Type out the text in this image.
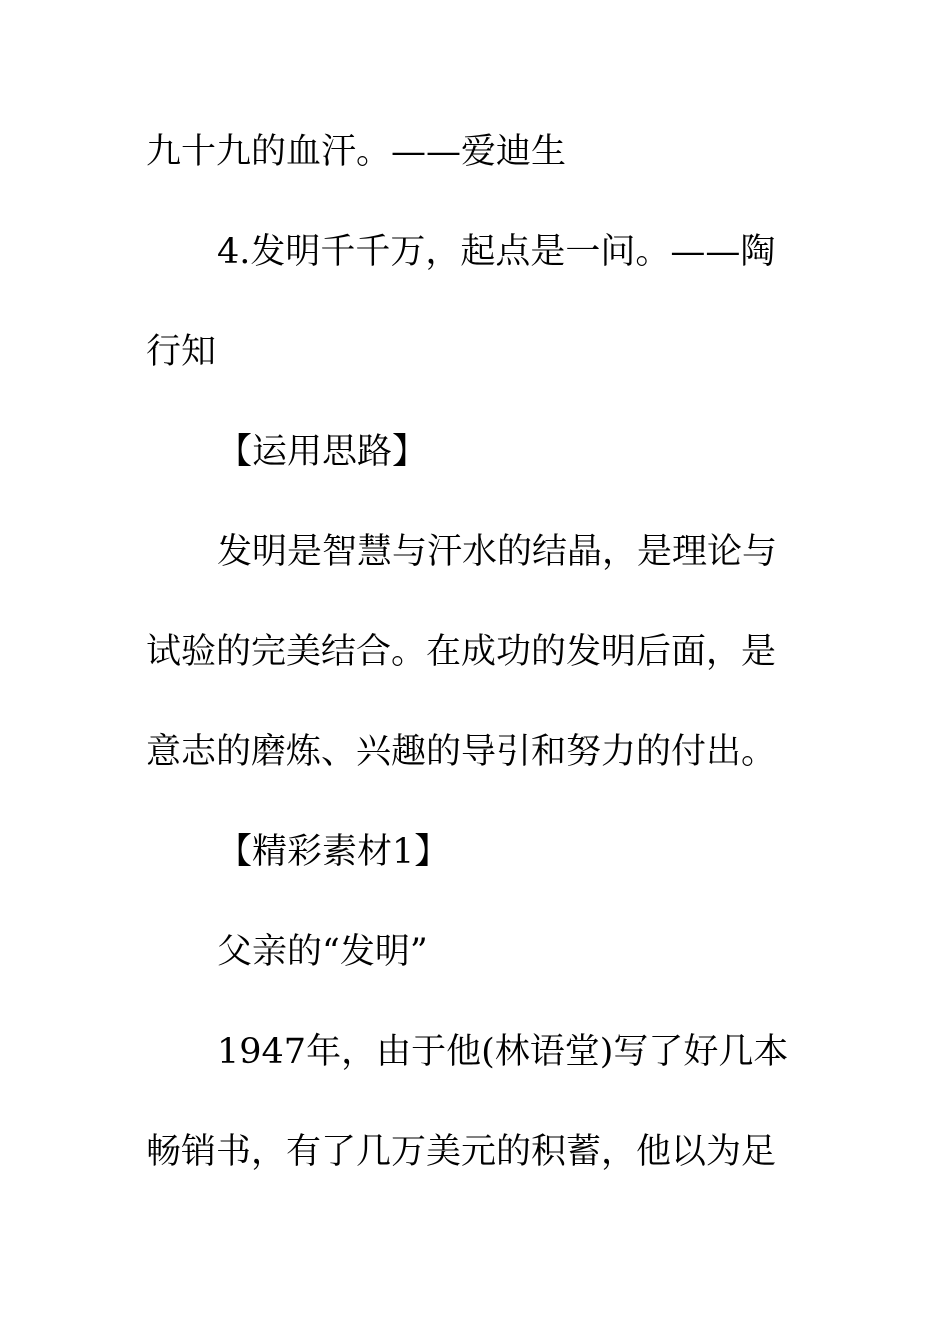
九十九的血汗。——爱迪生
4.发明千千万，起点是一问。——陶
行知
【运用思路】
发明是智慧与汗水的结晶，是理论与
试验的完美结合。在成功的发明后面，是
意志的磨炼、兴趣的导引和努力的付出。
【精彩素材1】
父亲的“发明”
1947年，由于他(林语堂)写了好几本
畅销书，有了几万美元的积蓄，他以为足
